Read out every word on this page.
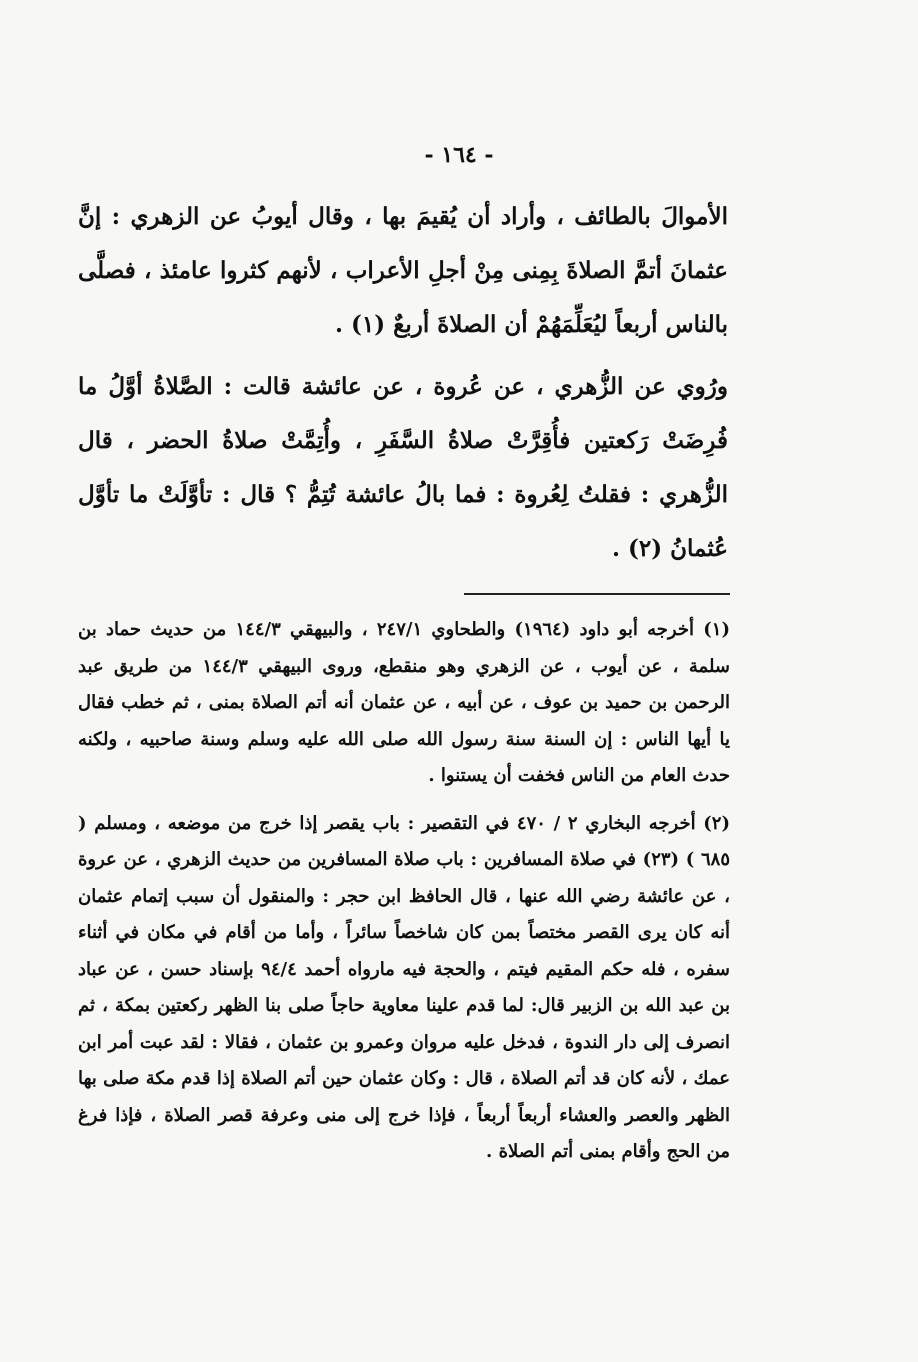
- ١٦٤ -

الأموالَ بالطائف ، وأراد أن يُقيمَ بها ، وقال أيوبُ عن الزهري : إنَّ عثمانَ أتمَّ الصلاةَ بِمِنى مِنْ أجلِ الأعراب ، لأنهم كثروا عامئذ ، فصلَّى بالناس أربعاً ليُعَلِّمَهُمْ أن الصلاةَ أربعٌ (١) .

ورُوي عن الزُّهري ، عن عُروة ، عن عائشة قالت : الصَّلاةُ أوَّلُ ما فُرِضَتْ رَكعتين فأُقِرَّتْ صلاةُ السَّفَرِ ، وأُتِمَّتْ صلاةُ الحضر ، قال الزُّهري : فقلتُ لِعُروة : فما بالُ عائشة تُتِمُّ ؟ قال : تأوَّلَتْ ما تأوَّل عُثمانُ (٢) .

(١) أخرجه أبو داود (١٩٦٤) والطحاوي ٢٤٧/١ ، والبيهقي ١٤٤/٣ من حديث حماد بن سلمة ، عن أيوب ، عن الزهري وهو منقطع، وروى البيهقي ١٤٤/٣ من طريق عبد الرحمن بن حميد بن عوف ، عن أبيه ، عن عثمان أنه أتم الصلاة بمنى ، ثم خطب فقال يا أيها الناس : إن السنة سنة رسول الله صلى الله عليه وسلم وسنة صاحبيه ، ولكنه حدث العام من الناس فخفت أن يستنوا .

(٢) أخرجه البخاري ٢ / ٤٧٠ في التقصير : باب يقصر إذا خرج من موضعه ، ومسلم ( ٦٨٥ ) (٢٣) في صلاة المسافرين : باب صلاة المسافرين من حديث الزهري ، عن عروة ، عن عائشة رضي الله عنها ، قال الحافظ ابن حجر : والمنقول أن سبب إتمام عثمان أنه كان يرى القصر مختصاً بمن كان شاخصاً سائراً ، وأما من أقام في مكان في أثناء سفره ، فله حكم المقيم فيتم ، والحجة فيه مارواه أحمد ٩٤/٤ بإسناد حسن ، عن عباد بن عبد الله بن الزبير قال: لما قدم علينا معاوية حاجاً صلى بنا الظهر ركعتين بمكة ، ثم انصرف إلى دار الندوة ، فدخل عليه مروان وعمرو بن عثمان ، فقالا : لقد عبت أمر ابن عمك ، لأنه كان قد أتم الصلاة ، قال : وكان عثمان حين أتم الصلاة إذا قدم مكة صلى بها الظهر والعصر والعشاء أربعاً أربعاً ، فإذا خرج إلى منى وعرفة قصر الصلاة ، فإذا فرغ من الحج وأقام بمنى أتم الصلاة .
